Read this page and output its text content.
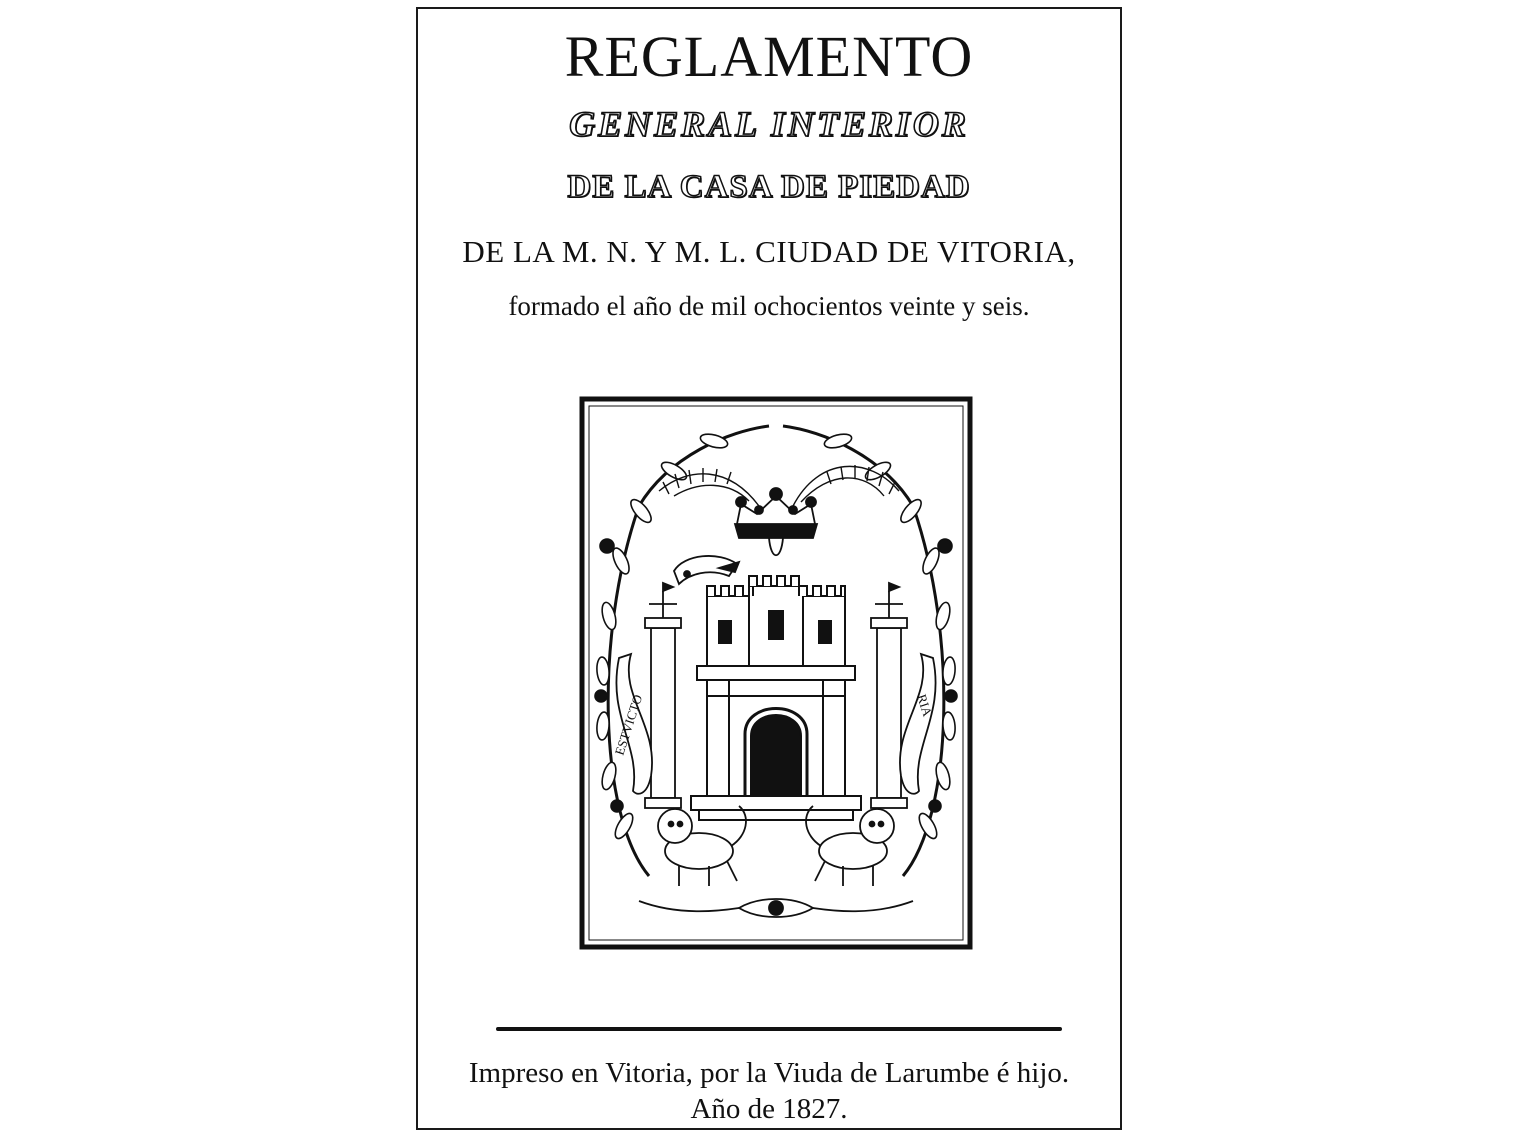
REGLAMENTO
GENERAL INTERIOR
DE LA CASA DE PIEDAD
DE LA M. N. Y M. L. CIUDAD DE VITORIA,
formado el año de mil ochocientos veinte y seis.
ESTVICTO	RIA
Impreso en Vitoria, por la Viuda de Larumbe é hijo.
Año de 1827.
